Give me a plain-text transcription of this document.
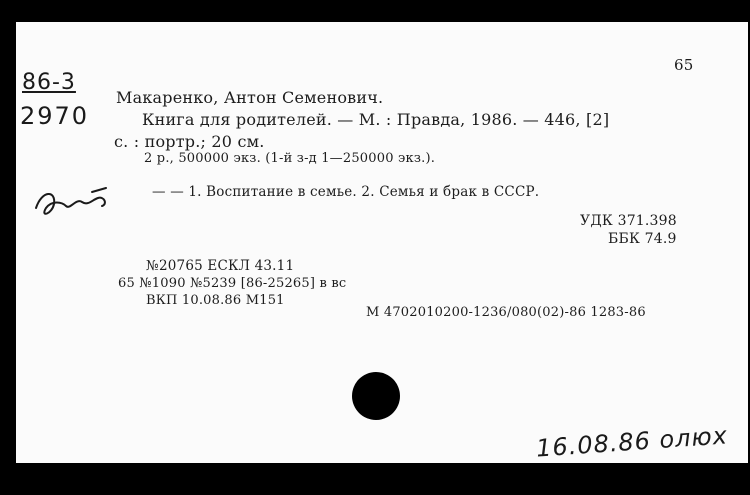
65
86-3
2970
Макаренко, Антон Семенович.
Книга для родителей. — М. : Правда, 1986. — 446, [2]
с. : портр.; 20 см.
2 р., 500000 экз. (1-й з-д 1—250000 экз.).
— — 1. Воспитание в семье. 2. Семья и брак в СССР.
УДК 371.398
ББК 74.9
№20765 ЕСКЛ 43.11
65 №1090 №5239 [86-25265] в вс
ВКП 10.08.86 М151
М 4702010200-1236/080(02)-86 1283-86
16.08.86 олюх
